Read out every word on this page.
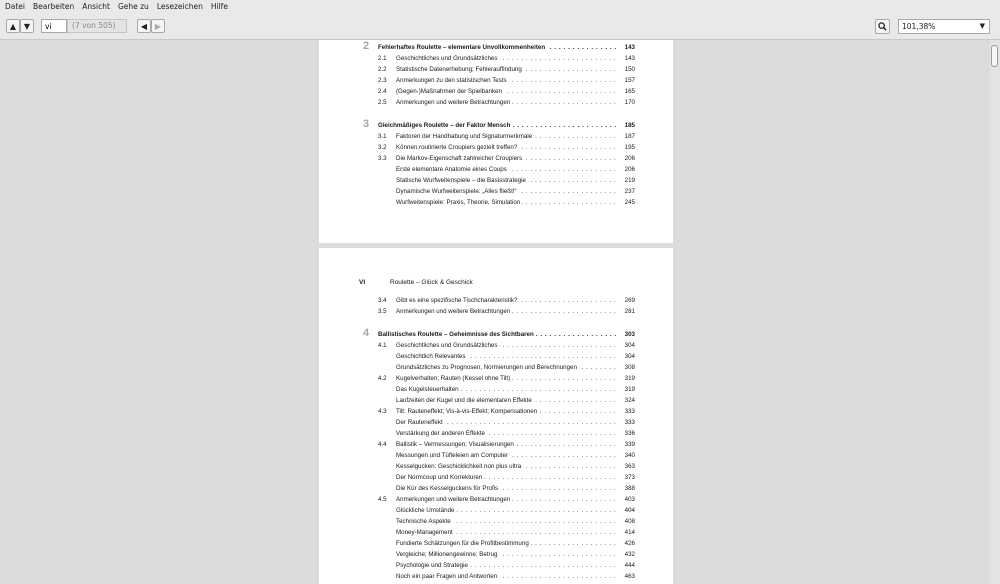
Datei Bearbeiten Ansicht Gehe zu Lesezeichen Hilfe
▲ ▼
vi	(7 von 505)	◀ ▶	101,38%	▼
2 Fehlerhaftes Roulette – elementare Unvollkommenheiten . . .	143
2.1 Geschichtliches und Grundsätzliches . . .	143
2.2 Statistische Datenerhebung; Fehlerauffindung . . .	150
2.3 Anmerkungen zu den statistischen Tests . . .	157
2.4 (Gegen-)Maßnahmen der Spielbanken . . .	165
2.5 Anmerkungen und weitere Betrachtungen . . .	170
3 Gleichmäßiges Roulette – der Faktor Mensch . . .	185
3.1 Faktoren der Handhabung und Signaturmerkmale . . .	187
3.2 Können routinierte Croupiers gezielt treffen? . . .	195
3.3 Die Markov-Eigenschaft zahlreicher Croupiers . . .	206
Erste elementare Anatomie eines Coups . . .	206
Statische Wurfweitenspiele – die Basisstrategie . . .	219
Dynamische Wurfweitenspiele: „Alles fließt!“ . . .	237
Wurfweitenspiele: Praxis, Theorie, Simulation . . .	245
VI	Roulette – Glück & Geschick
3.4 Gibt es eine spezifische Tischcharakteristik? . . .	269
3.5 Anmerkungen und weitere Betrachtungen . . .	281
4 Ballistisches Roulette – Geheimnisse des Sichtbaren . . .	303
4.1 Geschichtliches und Grundsätzliches . . .	304
Geschichtlich Relevantes . . .	304
Grundsätzliches zu Prognosen, Normierungen und Berechnungen . . .	308
4.2 Kugelverhalten; Rauten (Kessel ohne Tilt) . . .	319
Das Kugelsteuerhalten . . .	319
Laufzeiten der Kugel und die elementaren Effekte . . .	324
4.3 Tilt: Rauteneffekt; Vis-à-vis-Effekt; Kompensationen . . .	333
Der Rauteneffekt . . .	333
Verstärkung der anderen Effekte . . .	336
4.4 Ballistik – Vermessungen; Visualisierungen . . .	339
Messungen und Tüfteleien am Computer . . .	340
Kesselgucken: Geschicklichkeit non plus ultra . . .	363
Der Normcoup und Korrekturen . . .	373
Die Kür des Kesselguckens für Profis . . .	388
4.5 Anmerkungen und weitere Betrachtungen . . .	403
Glückliche Umstände . . .	404
Technische Aspekte . . .	408
Money-Management . . .	414
Fundierte Schätzungen für die Profitbestimmung . . .	426
Vergleiche; Millionengewinne; Betrug . . .	432
Psychologie und Strategie . . .	444
Noch ein paar Fragen und Antworten . . .	463
